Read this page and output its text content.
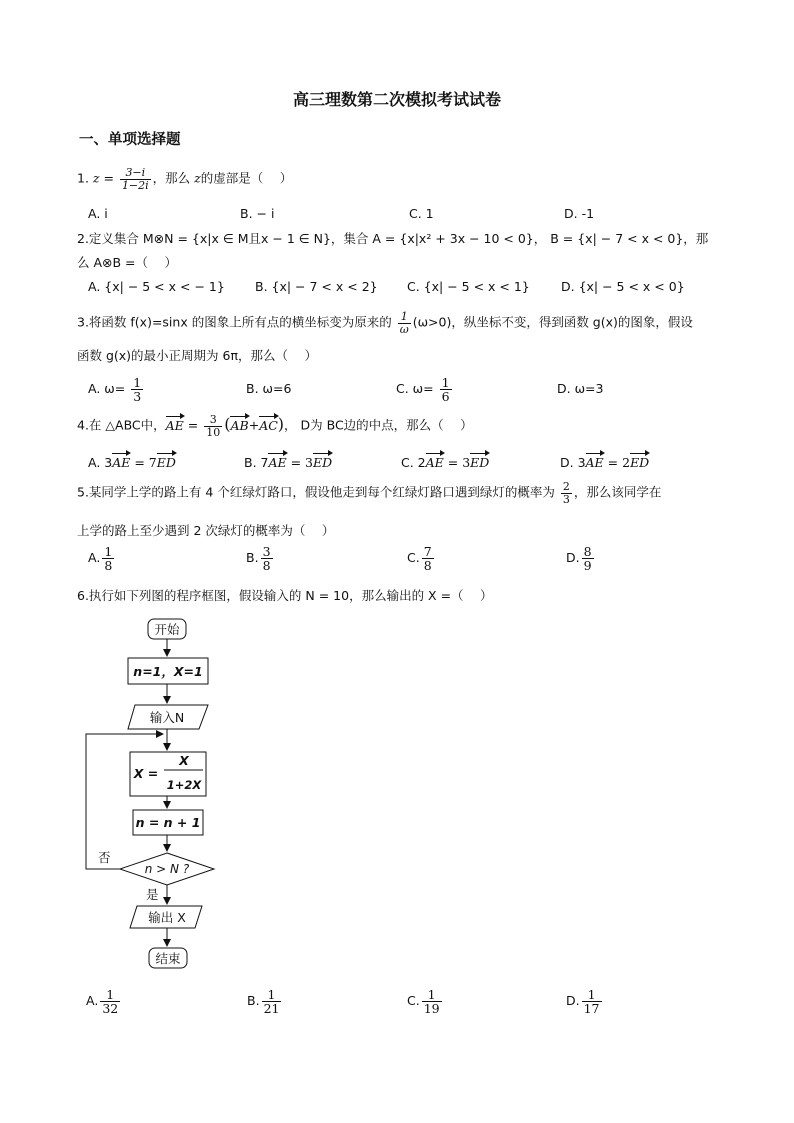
高三理数第二次模拟考试试卷
一、单项选择题
1. $z = \frac{3-i}{1-2i}$ ，那么 z的虚部是（　 ）
A. i	B. − i	C. 1	D. -1
2.定义集合 M⊗N = {x|x ∈ M且x − 1 ∈ N}，集合 A = {x|x² + 3x − 10 < 0}， B = {x| − 7 < x < 0}，那
么 A⊗B =（　 ）
A. {x| − 5 < x < − 1} B. {x| − 7 < x < 2} C. {x| − 5 < x < 1} D. {x| − 5 < x < 0}
3.将函数 f(x)=sinx 的图象上所有点的横坐标变为原来的 $\frac{1}{\omega} (\omega>0)$，纵坐标不变，得到函数 g(x)的图象，假设
函数 g(x)的最小正周期为 6π，那么（　 ）
A. $\omega= \frac{1}{3}$	B. ω=6	C. $\omega= \frac{1}{6}$	D. ω=3
4.在 △ABC中，AE = $\frac{3}{10} (AB+AC)$， D为 BC边的中点，那么（　 ）
A. 3AE = 7ED	B. 7AE = 3ED	C. 2AE = 3ED	D. 3AE = 2ED
5.某同学上学的路上有 4 个红绿灯路口，假设他走到每个红绿灯路口遇到绿灯的概率为 $\frac{2}{3}$ ，那么该同学在
上学的路上至少遇到 2 次绿灯的概率为（　 ）
A. $\frac{1}{8}$	B. $\frac{3}{8}$	C. $\frac{7}{8}$	D. $\frac{8}{9}$
6.执行如下列图的程序框图，假设输入的 N = 10，那么输出的 X =（　 ）
开始
n=1，X=1
输入N
X =
X
1+2X
n = n + 1
n > N ?
否
是
输出 X
结束
A. $\frac{1}{32}$	B. $\frac{1}{21}$	C. $\frac{1}{19}$	D. $\frac{1}{17}$
